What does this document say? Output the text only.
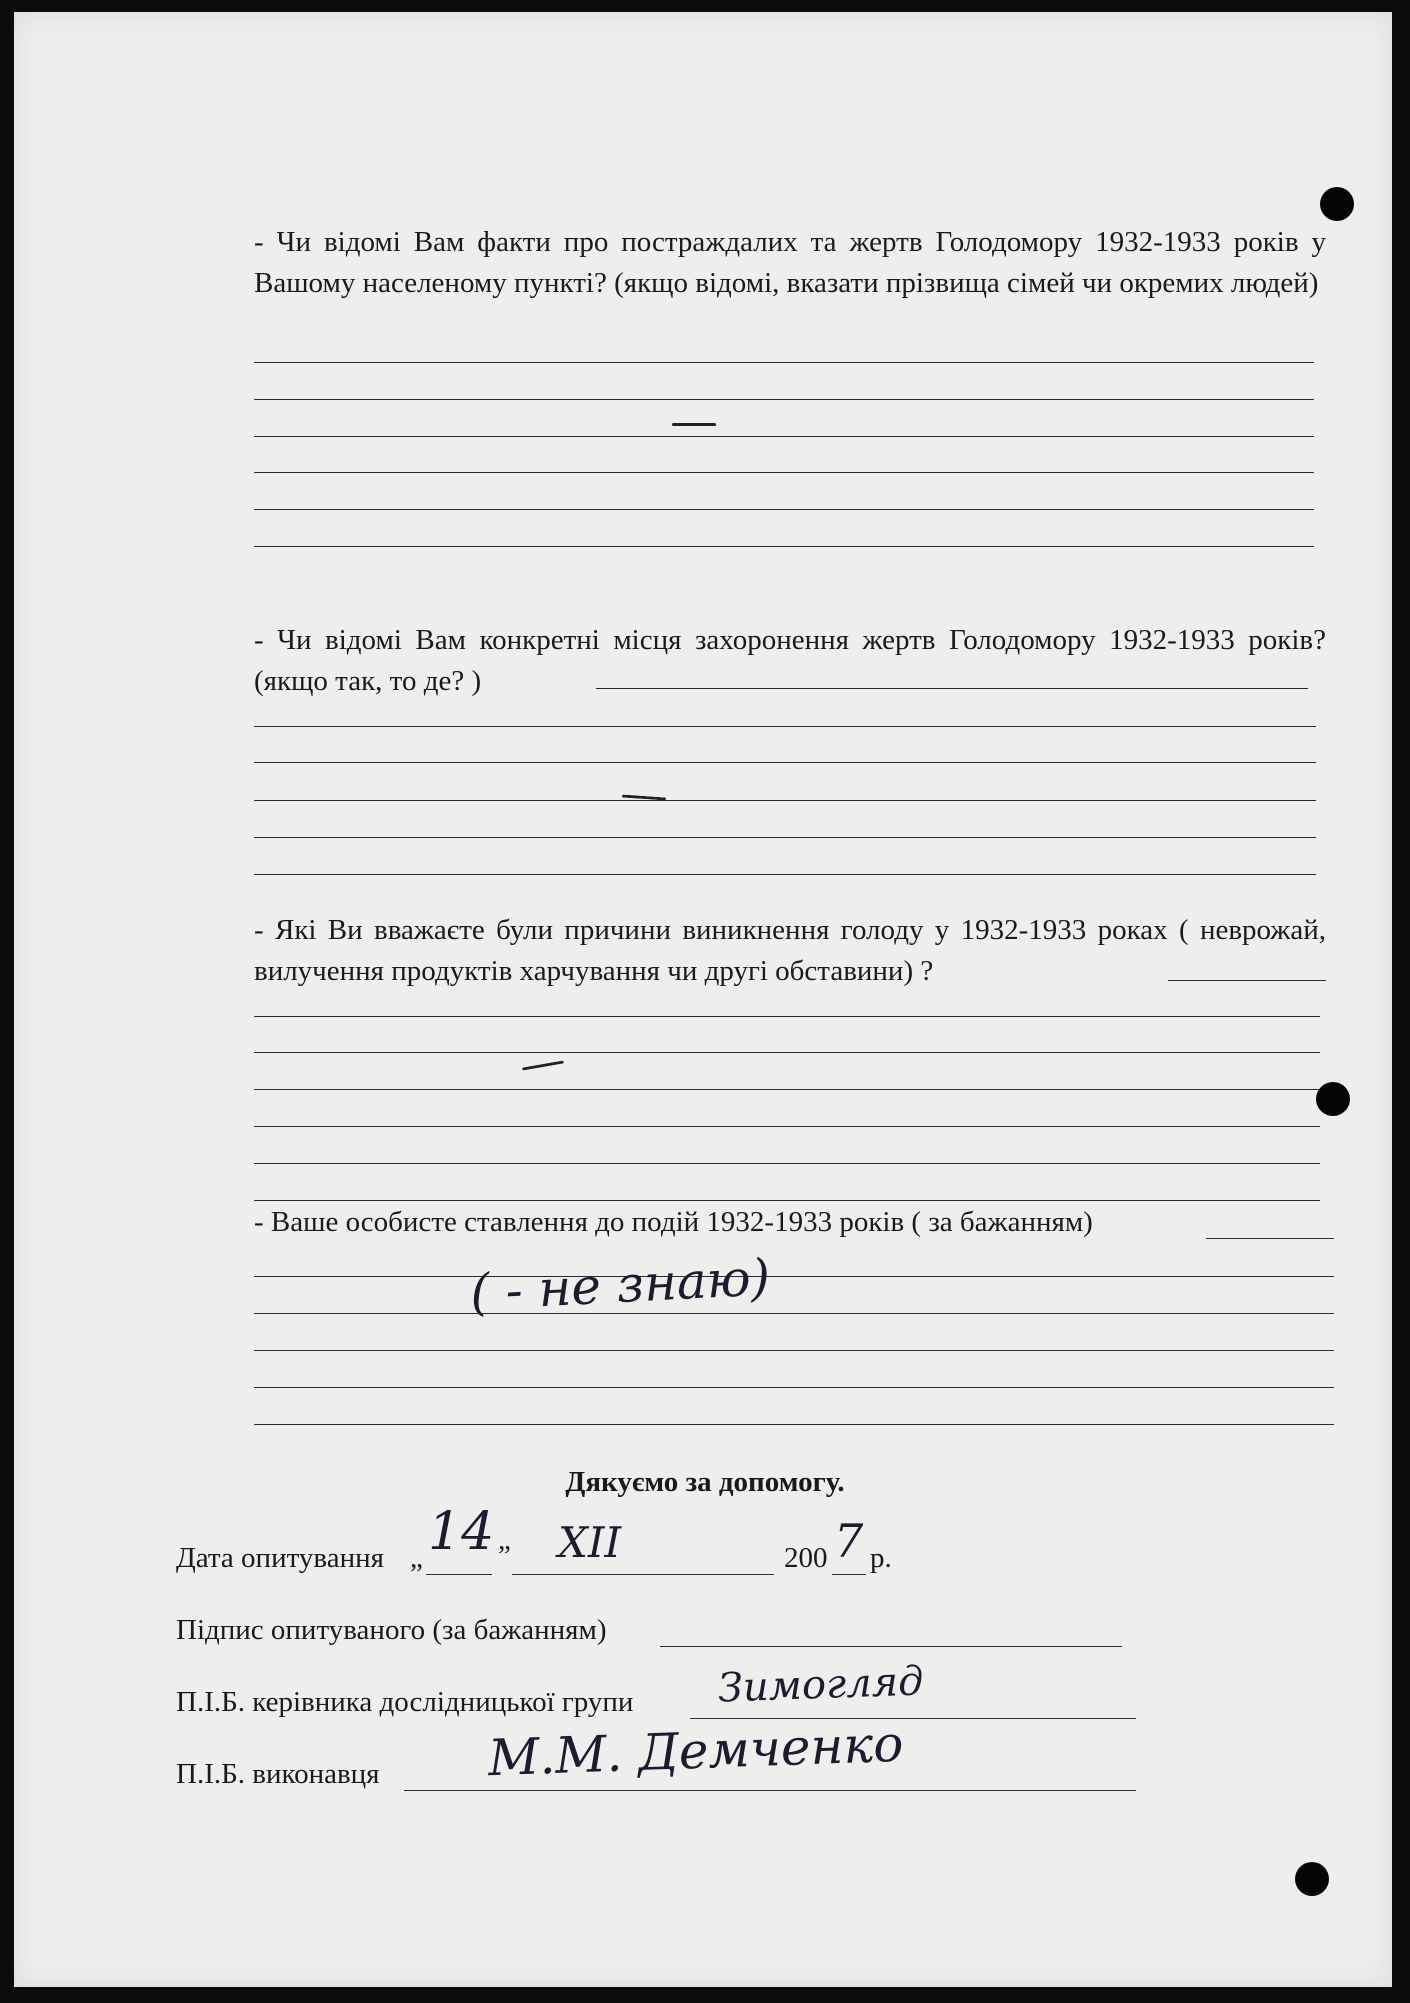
- Чи відомі Вам факти про постраждалих та жертв Голодомору 1932-1933 років у Вашому населеному пункті? (якщо відомі, вказати прізвища сімей чи окремих людей)
- Чи відомі Вам конкретні місця захоронення жертв Голодомору 1932-1933 років? (якщо так, то де? )
- Які Ви вважаєте були причини виникнення голоду у 1932-1933 роках ( неврожай, вилучення продуктів харчування чи другі обставини) ?
- Ваше особисте ставлення до подій 1932-1933 років ( за бажанням)
( - не знаю)
Дякуємо за допомогу.
Дата опитування „ 14 ” XII	200 7 р.
Підпис опитуваного (за бажанням)
П.І.Б. керівника дослідницької групи Зимогляд
П.І.Б. виконавця М.М. Демченко
